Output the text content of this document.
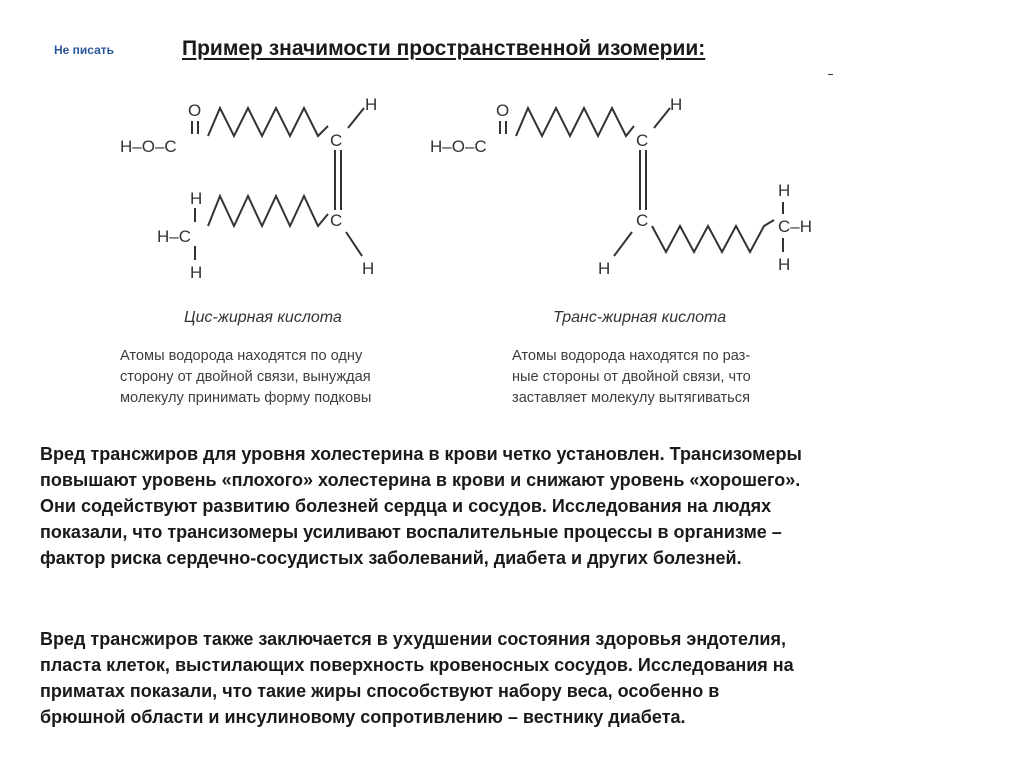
Не писать	Пример значимости пространственной изомерии:
H–O–C
O
C
H
C
H
H–C
H
H
H–O–C
O
C
H
C
H
C–H
H
H
Цис-жирная кислота	Транс-жирная кислота
Атомы водорода находятся по одну
сторону от двойной связи, вынуждая
молекулу принимать форму подковы
Атомы водорода находятся по раз-
ные стороны от двойной связи, что
заставляет молекулу вытягиваться
Вред трансжиров для уровня холестерина в крови четко установлен. Трансизомеры
повышают уровень «плохого» холестерина в крови и снижают уровень «хорошего».
Они содействуют развитию болезней сердца и сосудов. Исследования на людях
показали, что трансизомеры усиливают воспалительные процессы в организме –
фактор риска сердечно-сосудистых заболеваний, диабета и других болезней.
Вред трансжиров также заключается в ухудшении состояния здоровья эндотелия,
пласта клеток, выстилающих поверхность кровеносных сосудов. Исследования на
приматах показали, что такие жиры способствуют набору веса, особенно в
брюшной области и инсулиновому сопротивлению – вестнику диабета.
